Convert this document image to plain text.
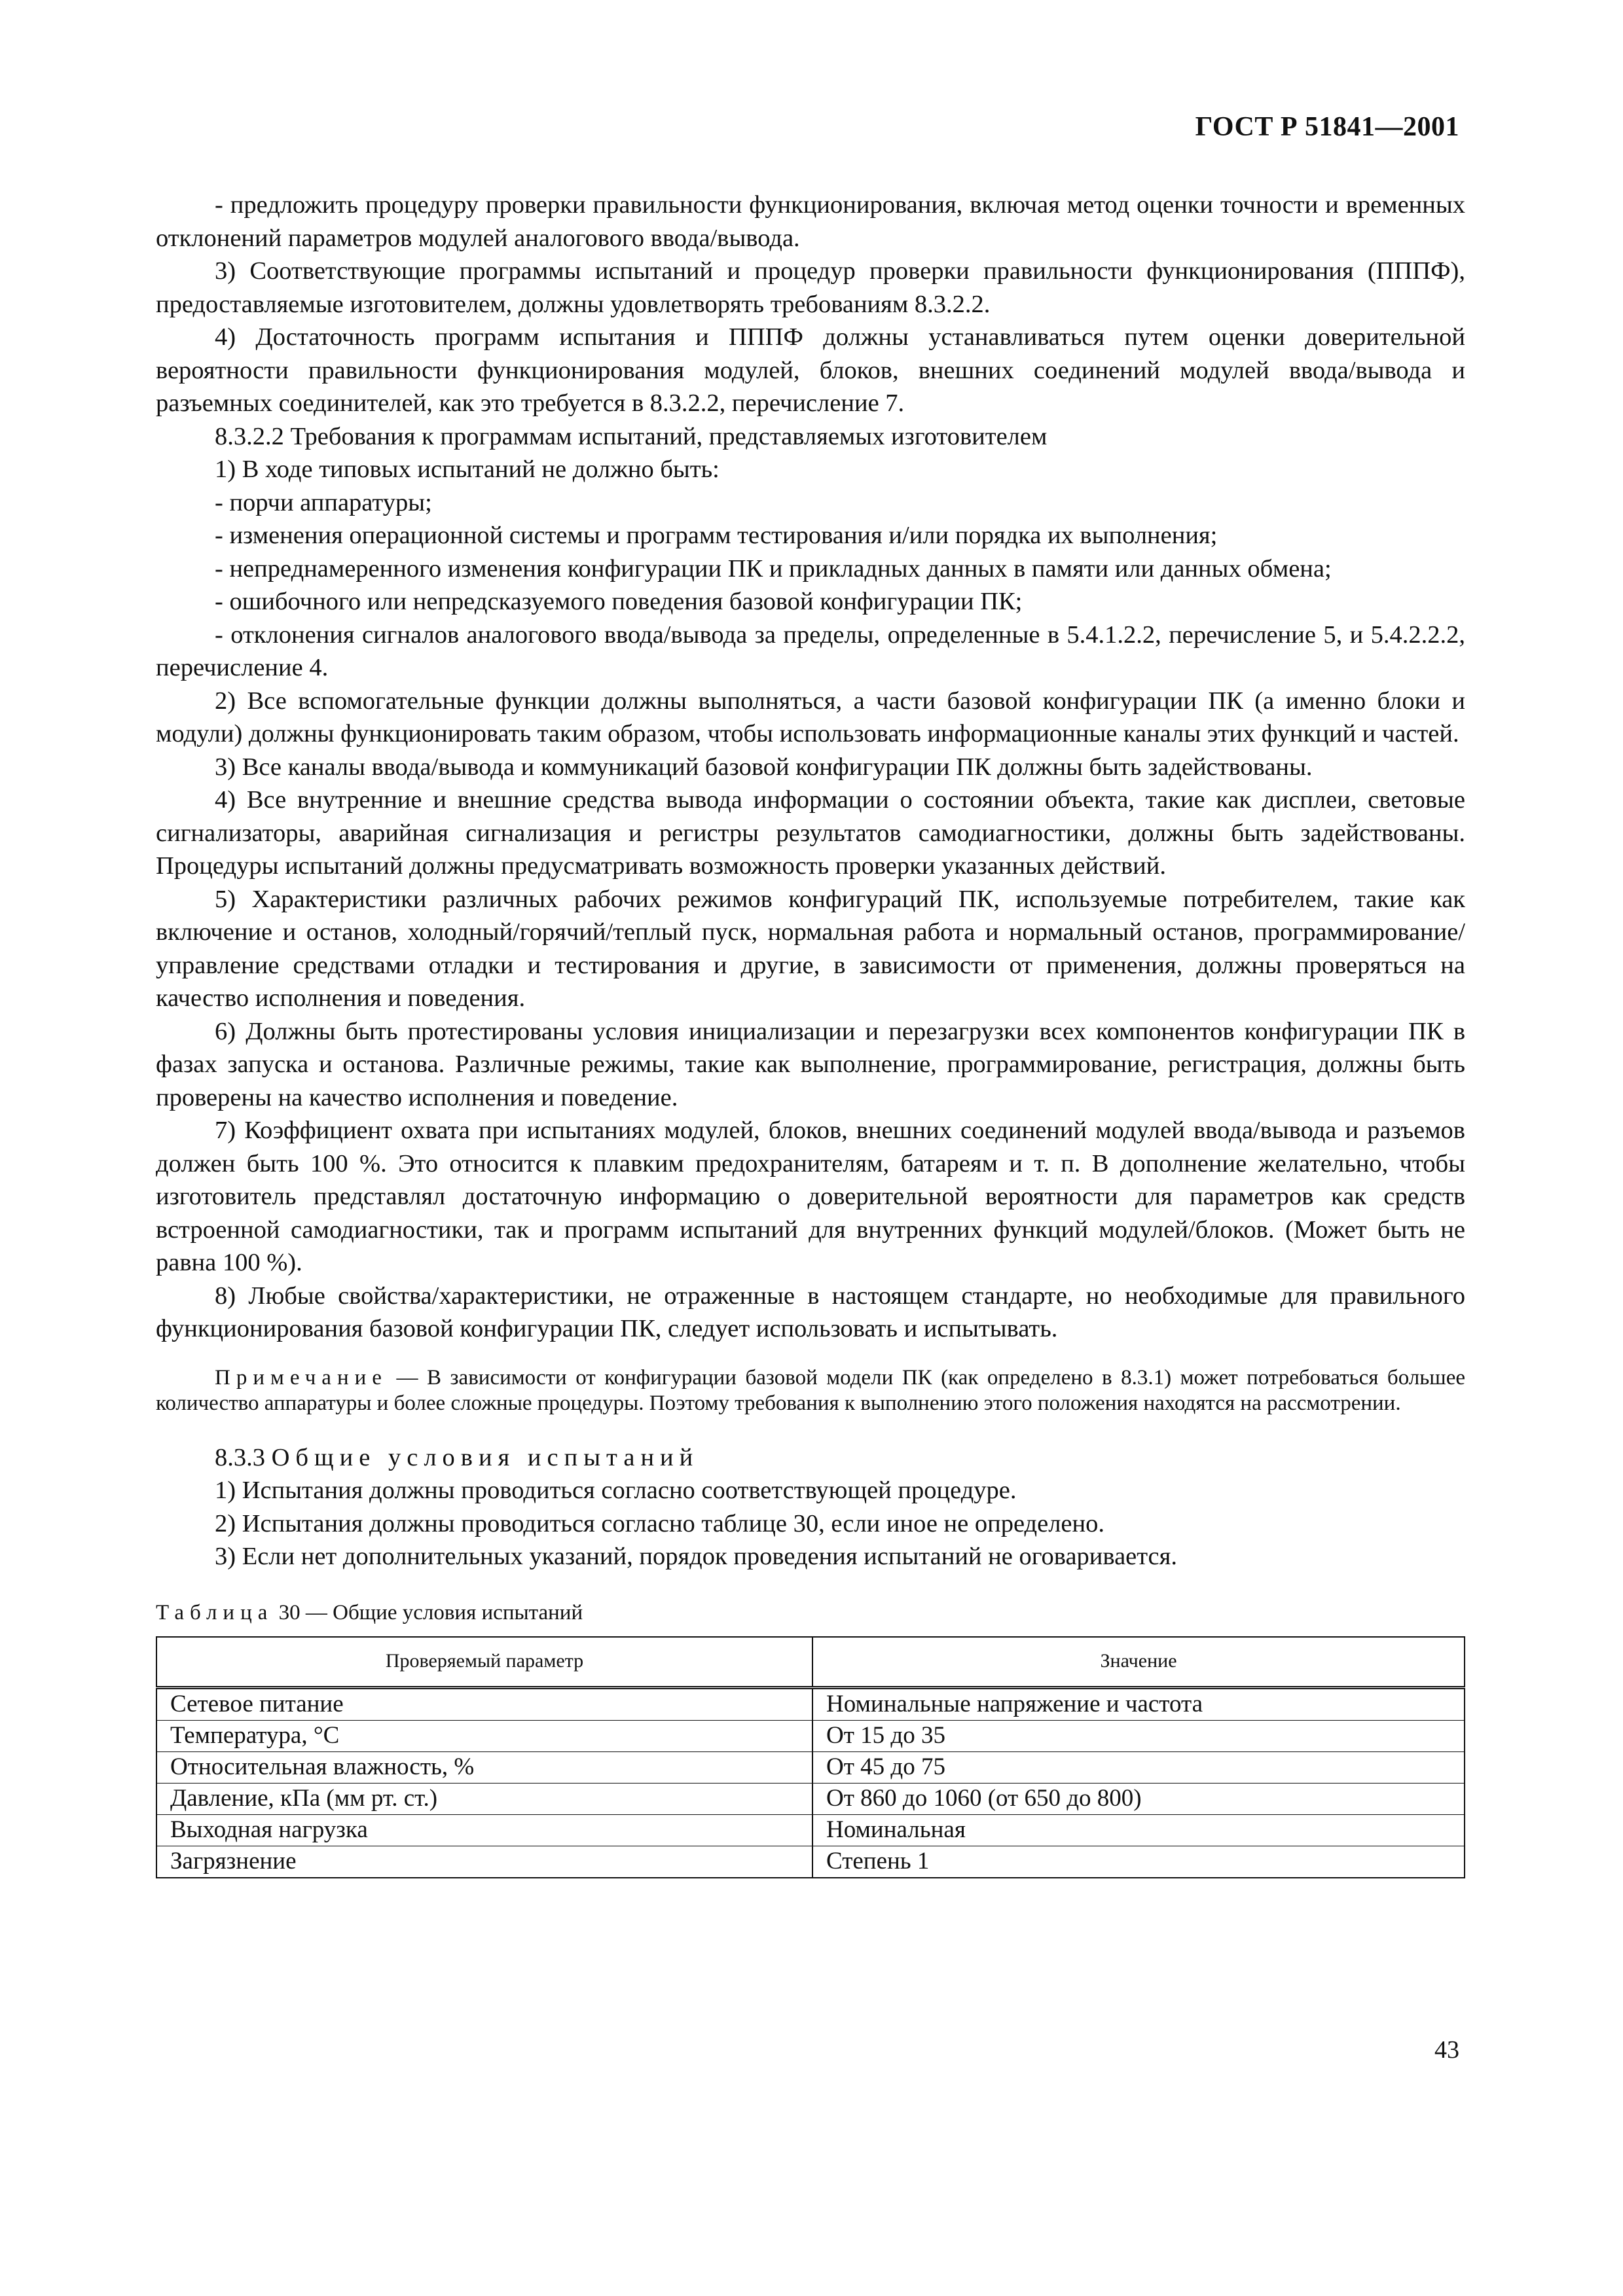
ГОСТ Р 51841—2001

- предложить процедуру проверки правильности функционирования, включая метод оценки точности и временных отклонений параметров модулей аналогового ввода/вывода.

3) Соответствующие программы испытаний и процедур проверки правильности функционирования (ПППФ), предоставляемые изготовителем, должны удовлетворять требованиям 8.3.2.2.

4) Достаточность программ испытания и ПППФ должны устанавливаться путем оценки доверительной вероятности правильности функционирования модулей, блоков, внешних соединений модулей ввода/вывода и разъемных соединителей, как это требуется в 8.3.2.2, перечисление 7.

8.3.2.2 Требования к программам испытаний, представляемых изготовителем

1) В ходе типовых испытаний не должно быть:

- порчи аппаратуры;

- изменения операционной системы и программ тестирования и/или порядка их выполнения;

- непреднамеренного изменения конфигурации ПК и прикладных данных в памяти или данных обмена;

- ошибочного или непредсказуемого поведения базовой конфигурации ПК;

- отклонения сигналов аналогового ввода/вывода за пределы, определенные в 5.4.1.2.2, перечисление 5, и 5.4.2.2.2, перечисление 4.

2) Все вспомогательные функции должны выполняться, а части базовой конфигурации ПК (а именно блоки и модули) должны функционировать таким образом, чтобы использовать информационные каналы этих функций и частей.

3) Все каналы ввода/вывода и коммуникаций базовой конфигурации ПК должны быть задействованы.

4) Все внутренние и внешние средства вывода информации о состоянии объекта, такие как дисплеи, световые сигнализаторы, аварийная сигнализация и регистры результатов самодиагностики, должны быть задействованы. Процедуры испытаний должны предусматривать возможность проверки указанных действий.

5) Характеристики различных рабочих режимов конфигураций ПК, используемые потребителем, такие как включение и останов, холодный/горячий/теплый пуск, нормальная работа и нормальный останов, программирование/управление средствами отладки и тестирования и другие, в зависимости от применения, должны проверяться на качество исполнения и поведения.

6) Должны быть протестированы условия инициализации и перезагрузки всех компонентов конфигурации ПК в фазах запуска и останова. Различные режимы, такие как выполнение, программирование, регистрация, должны быть проверены на качество исполнения и поведение.

7) Коэффициент охвата при испытаниях модулей, блоков, внешних соединений модулей ввода/вывода и разъемов должен быть 100 %. Это относится к плавким предохранителям, батареям и т. п. В дополнение желательно, чтобы изготовитель представлял достаточную информацию о доверительной вероятности для параметров как средств встроенной самодиагностики, так и программ испытаний для внутренних функций модулей/блоков. (Может быть не равна 100 %).

8) Любые свойства/характеристики, не отраженные в настоящем стандарте, но необходимые для правильного функционирования базовой конфигурации ПК, следует использовать и испытывать.

Примечание — В зависимости от конфигурации базовой модели ПК (как определено в 8.3.1) может потребоваться большее количество аппаратуры и более сложные процедуры. Поэтому требования к выполнению этого положения находятся на рассмотрении.

8.3.3 Общие условия испытаний

1) Испытания должны проводиться согласно соответствующей процедуре.

2) Испытания должны проводиться согласно таблице 30, если иное не определено.

3) Если нет дополнительных указаний, порядок проведения испытаний не оговаривается.

Таблица 30 — Общие условия испытаний

Проверяемый параметр	Значение
Сетевое питание	Номинальные напряжение и частота
Температура, °С	От 15 до 35
Относительная влажность, %	От 45 до 75
Давление, кПа (мм рт. ст.)	От 860 до 1060 (от 650 до 800)
Выходная нагрузка	Номинальная
Загрязнение	Степень 1
43
